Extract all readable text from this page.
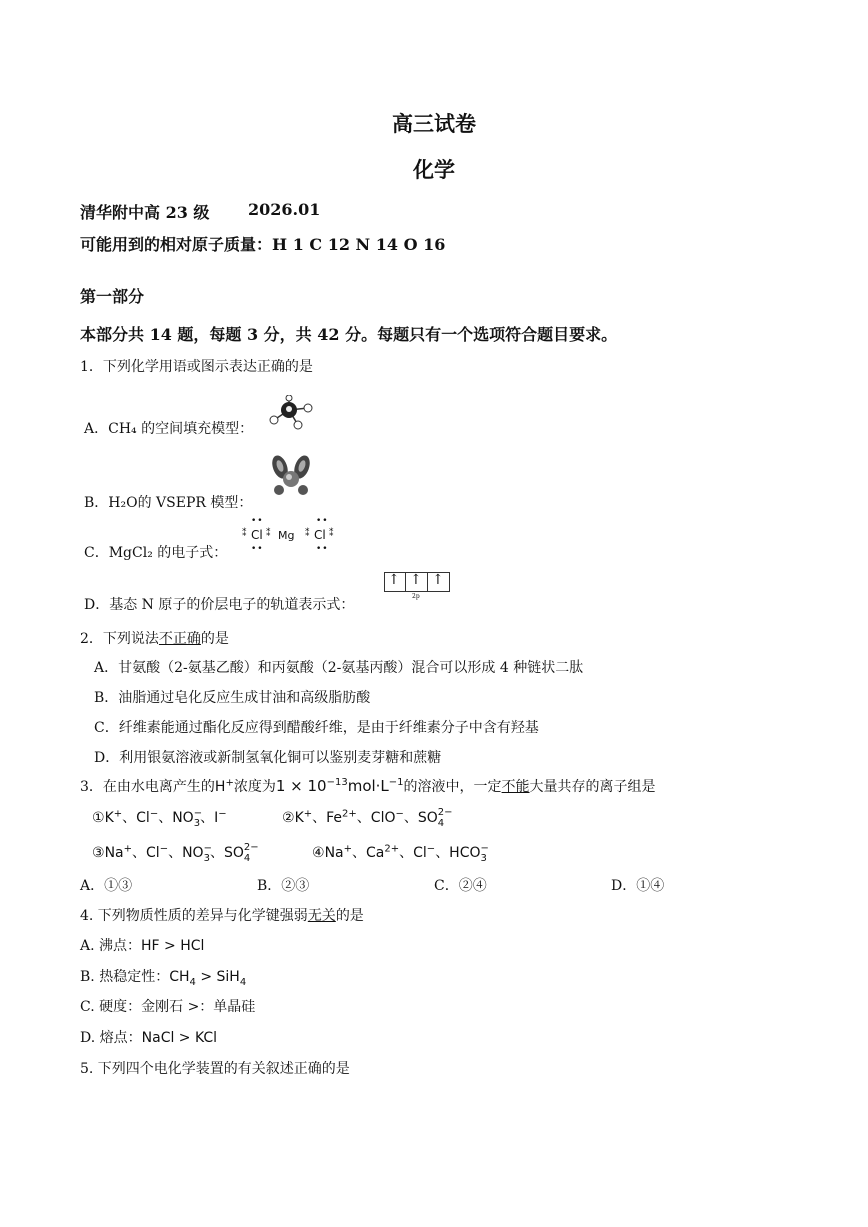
高三试卷
化学
清华附中高 23 级 2026.01
可能用到的相对原子质量：H 1 C 12 N 14 O 16
第一部分
本部分共 14 题，每题 3 分，共 42 分。每题只有一个选项符合题目要求。
1．下列化学用语或图示表达正确的是
A．CH₄ 的空间填充模型：
B．H₂O的 VSEPR 模型：
C．MgCl₂ 的电子式：
••
⁑ Cl ⁑
••
Mg
••
⁑ Cl ⁑
••
D．基态 N 原子的价层电子的轨道表示式：
↑ ↑ ↑
2p
2．下列说法不正确的是
A．甘氨酸（2-氨基乙酸）和丙氨酸（2-氨基丙酸）混合可以形成 4 种链状二肽
B．油脂通过皂化反应生成甘油和高级脂肪酸
C．纤维素能通过酯化反应得到醋酸纤维，是由于纤维素分子中含有羟基
D．利用银氨溶液或新制氢氧化铜可以鉴别麦芽糖和蔗糖
3．在由水电离产生的H+浓度为$1 \times 10^{-13}mol\cdot L^{-1}$的溶液中，一定不能大量共存的离子组是
①K+、Cl−、NO $_{- 3}$、I−	②K+、$Fe^{2+}$、ClO−、SO $_{2- 4}$
③Na+、Cl−、NO $_{- 3}$、SO $_{2- 4}$	④Na+、$Ca^{2+}$、Cl−、HCO $_{- 3}$
A．①③	B．②③	C．②④	D．①④
4. 下列物质性质的差异与化学键强弱无关的是
A. 沸点：HF > HCl
B. 热稳定性：$CH_4 > SiH_4$
C. 硬度：金刚石 >：单晶硅
D. 熔点：NaCl > KCl
5. 下列四个电化学装置的有关叙述正确的是
